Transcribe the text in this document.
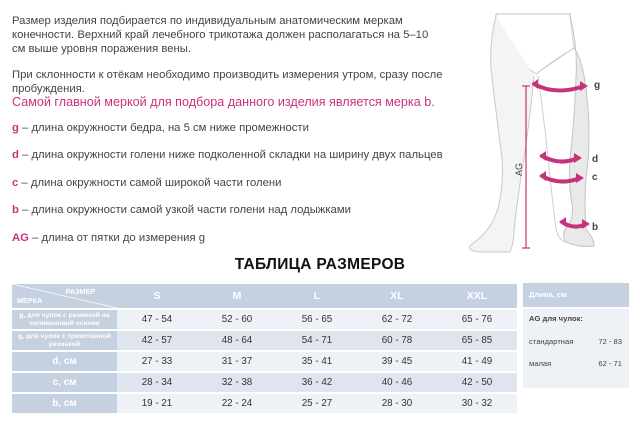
Размер изделия подбирается по индивидуальным анатомическим меркам конечности. Верхний край лечебного трикотажа должен располагаться на 5–10 см выше уровня поражения вены.

При склонности к отёкам необходимо производить измерения утром, сразу после пробуждения.

Самой главной меркой для подбора данного изделия является мерка b.
g – длина окружности бедра, на 5 см ниже промежности
d – длина окружности голени ниже подколенной складки на ширину двух пальцев
c – длина окружности самой широкой части голени
b – длина окружности самой узкой части голени над лодыжками
AG – длина от пятки до измерения g
g
d
c
b
AG
ТАБЛИЦА РАЗМЕРОВ
РАЗМЕР
МЕРКА	S	M	L	XL	XXL
g, для чулок с резинкой на силиконовой основе	47 - 54	52 - 60	56 - 65	62 - 72	65 - 76
g, для чулок с трикотажной резинкой	42 - 57	48 - 64	54 - 71	60 - 78	65 - 85
d, см	27 - 33	31 - 37	35 - 41	39 - 45	41 - 49
c, см	28 - 34	32 - 38	36 - 42	40 - 46	42 - 50
b, см	19 - 21	22 - 24	25 - 27	28 - 30	30 - 32
Длина, см
AG для чулок:
стандартная	72 - 83
малая	62 - 71
